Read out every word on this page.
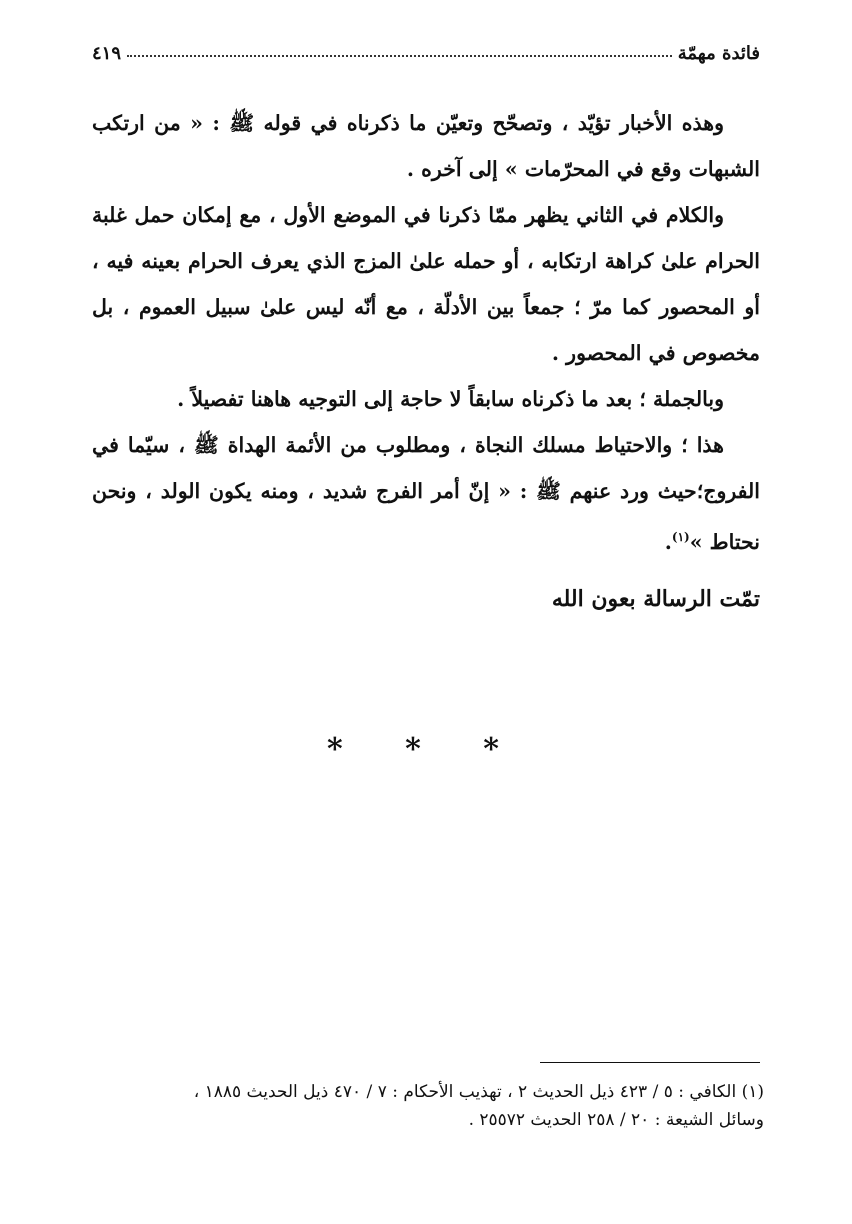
فائدة مهمّة
٤١٩

وهذه الأخبار تؤيّد ، وتصحّح وتعيّن ما ذكرناه في قوله ﷺ : « من ارتكب الشبهات وقع في المحرّمات » إلى آخره .

والكلام في الثاني يظهر ممّا ذكرنا في الموضع الأول ، مع إمكان حمل غلبة الحرام علىٰ كراهة ارتكابه ، أو حمله علىٰ المزج الذي يعرف الحرام بعينه فيه ، أو المحصور كما مرّ ؛ جمعاً بين الأدلّة ، مع أنّه ليس علىٰ سبيل العموم ، بل مخصوص في المحصور .

وبالجملة ؛ بعد ما ذكرناه سابقاً لا حاجة إلى التوجيه هاهنا تفصيلاً .

هذا ؛ والاحتياط مسلك النجاة ، ومطلوب من الأئمة الهداة ﷺ ، سيّما في الفروج؛حيث ورد عنهم ﷺ : « إنّ أمر الفرج شديد ، ومنه يكون الولد ، ونحن نحتاط »$^{(١)}$.

تمّت الرسالة بعون الله
* * *
(١) الكافي : ٥ / ٤٢٣ ذيل الحديث ٢ ، تهذيب الأحكام : ٧ / ٤٧٠ ذيل الحديث ١٨٨٥ ،
وسائل الشيعة : ٢٠ / ٢٥٨ الحديث ٢٥٥٧٢ .
